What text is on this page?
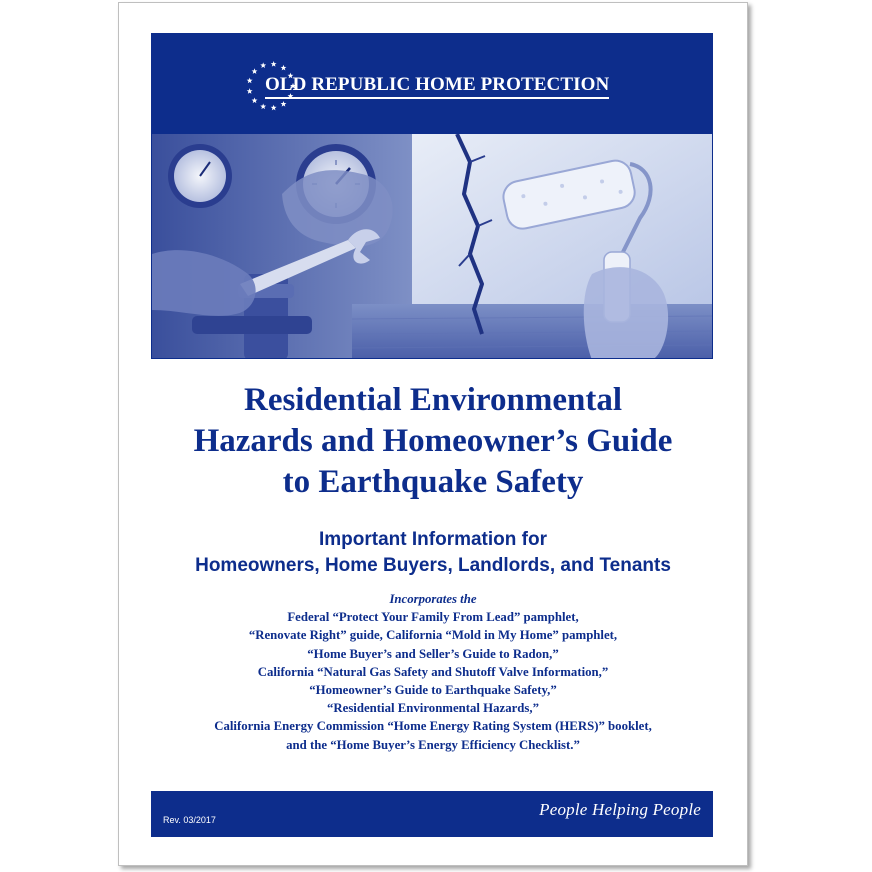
OLD REPUBLIC HOME PROTECTION
Residential Environmental
Hazards and Homeowner’s Guide
to Earthquake Safety
Important Information for
Homeowners, Home Buyers, Landlords, and Tenants
Incorporates the
Federal “Protect Your Family From Lead” pamphlet,
“Renovate Right” guide, California “Mold in My Home” pamphlet,
“Home Buyer’s and Seller’s Guide to Radon,”
California “Natural Gas Safety and Shutoff Valve Information,”
“Homeowner’s Guide to Earthquake Safety,”
“Residential Environmental Hazards,”
California Energy Commission “Home Energy Rating System (HERS)” booklet,
and the “Home Buyer’s Energy Efficiency Checklist.”
Rev. 03/2017
People Helping People
